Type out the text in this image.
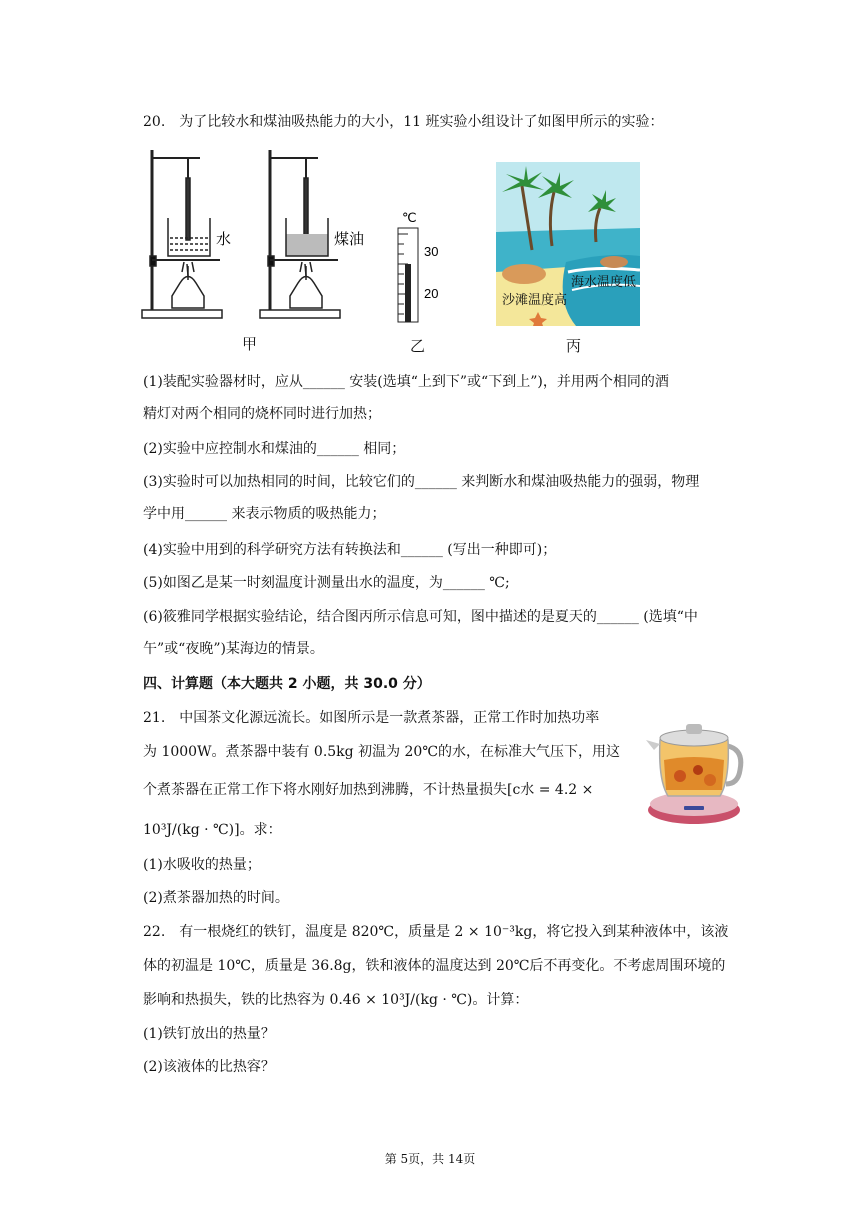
20.　为了比较水和煤油吸热能力的大小，11 班实验小组设计了如图甲所示的实验：
水	煤油
℃
30
20
海水温度低
沙滩温度高
甲	乙	丙
(1)装配实验器材时，应从______ 安装(选填“上到下”或“下到上”)，并用两个相同的酒
精灯对两个相同的烧杯同时进行加热；
(2)实验中应控制水和煤油的______ 相同；
(3)实验时可以加热相同的时间，比较它们的______ 来判断水和煤油吸热能力的强弱，物理
学中用______ 来表示物质的吸热能力；
(4)实验中用到的科学研究方法有转换法和______ (写出一种即可)；
(5)如图乙是某一时刻温度计测量出水的温度，为______ ℃;
(6)筱雅同学根据实验结论，结合图丙所示信息可知，图中描述的是夏天的______ (选填“中
午”或“夜晚”)某海边的情景。
四、计算题（本大题共 2 小题，共 30.0 分）
21.　中国茶文化源远流长。如图所示是一款煮茶器，正常工作时加热功率
为 1000W。煮茶器中装有 0.5kg 初温为 20℃的水，在标准大气压下，用这
个煮茶器在正常工作下将水刚好加热到沸腾，不计热量损失[c水 = 4.2 ×
10³J/(kg · ℃)]。求：
(1)水吸收的热量；
(2)煮茶器加热的时间。
22.　有一根烧红的铁钉，温度是 820℃，质量是 2 × 10⁻³kg，将它投入到某种液体中，该液
体的初温是 10℃，质量是 36.8g，铁和液体的温度达到 20℃后不再变化。不考虑周围环境的
影响和热损失，铁的比热容为 0.46 × 10³J/(kg · ℃)。计算：
(1)铁钉放出的热量？
(2)该液体的比热容？
第 5页，共 14页
